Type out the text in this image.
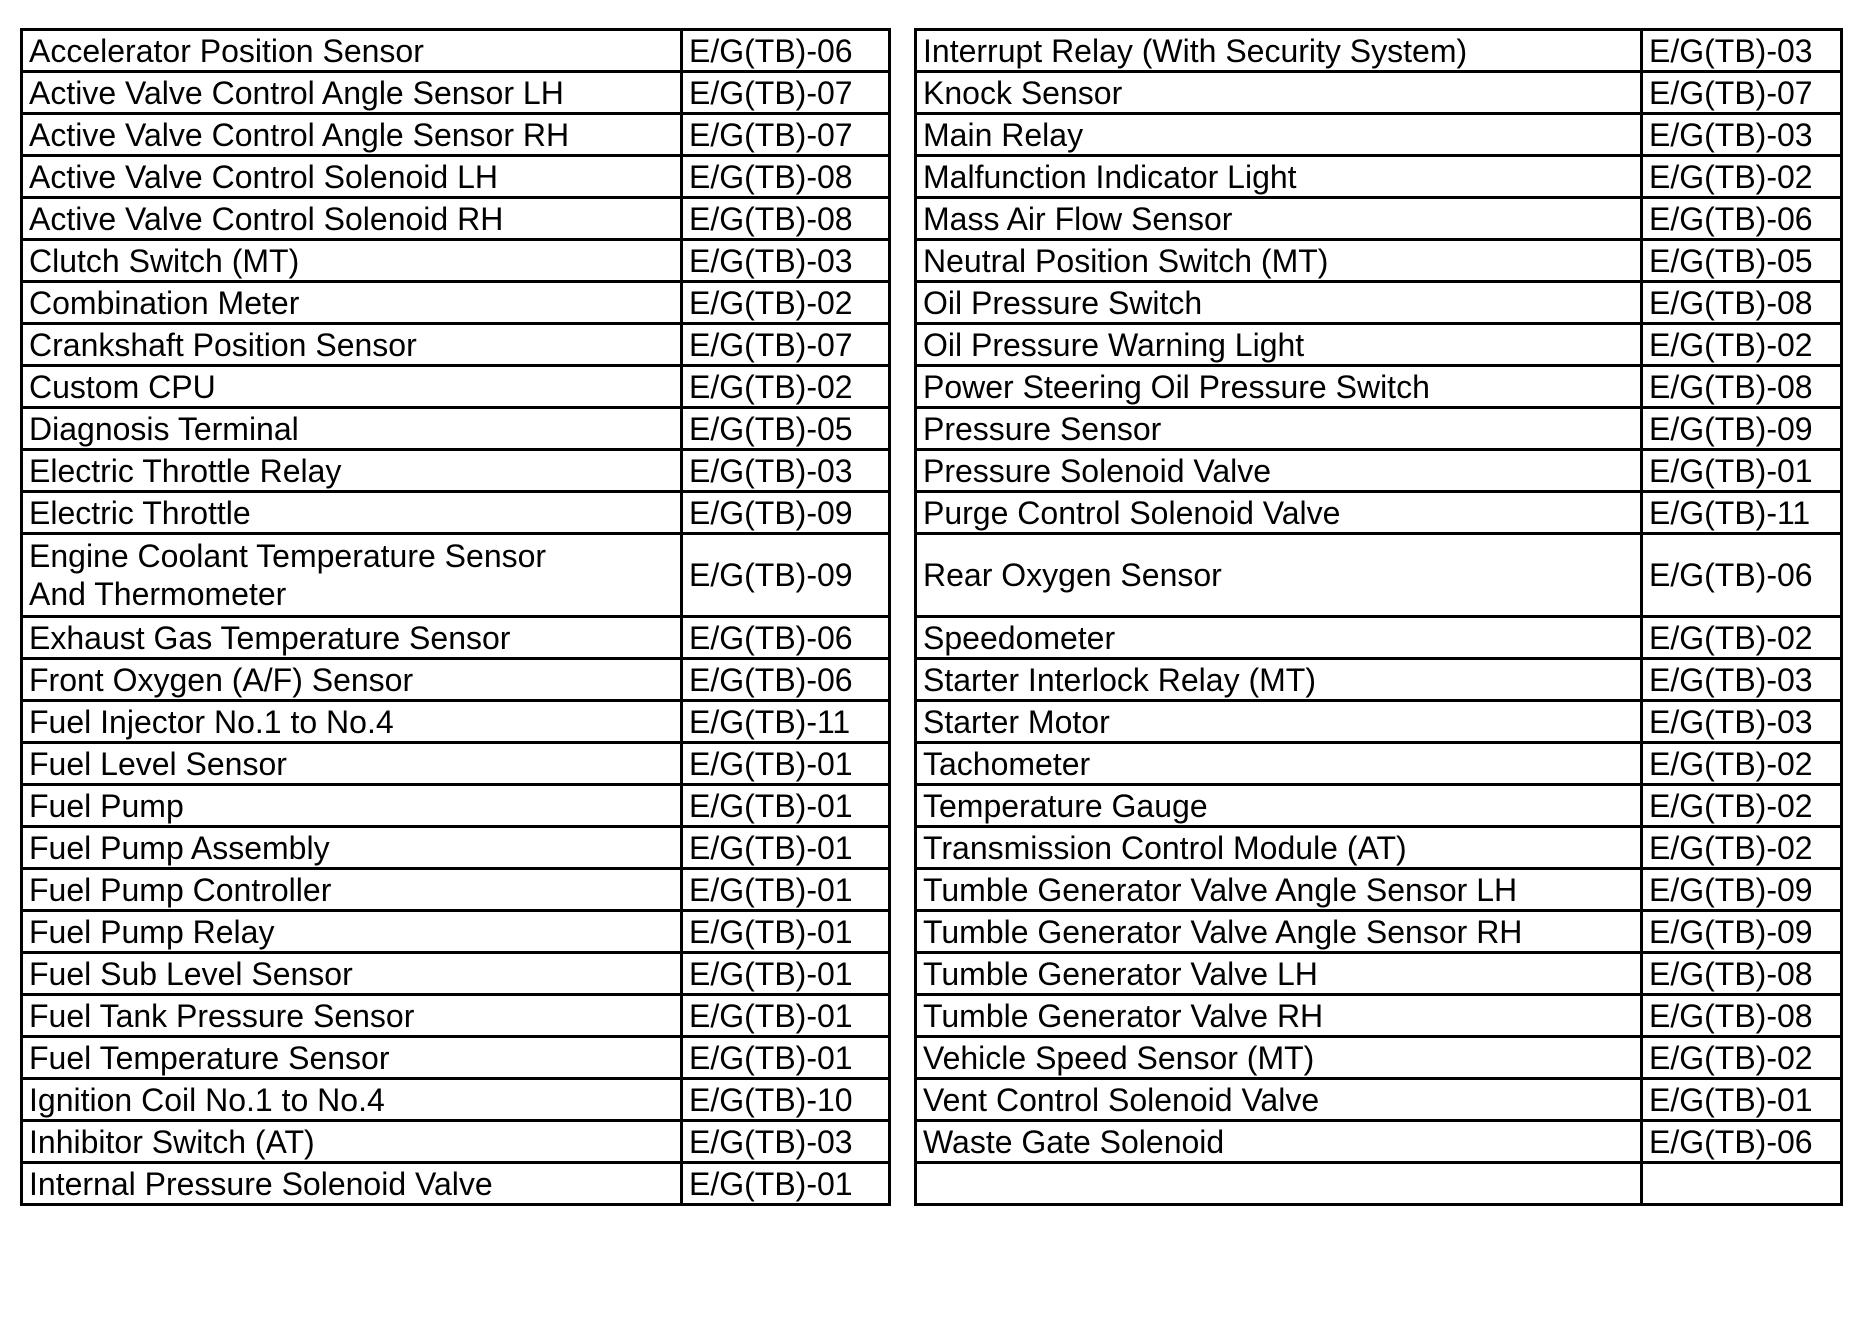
Accelerator Position Sensor	E/G(TB)-06		Interrupt Relay (With Security System)	E/G(TB)-03
Active Valve Control Angle Sensor LH	E/G(TB)-07		Knock Sensor	E/G(TB)-07
Active Valve Control Angle Sensor RH	E/G(TB)-07		Main Relay	E/G(TB)-03
Active Valve Control Solenoid LH	E/G(TB)-08		Malfunction Indicator Light	E/G(TB)-02
Active Valve Control Solenoid RH	E/G(TB)-08		Mass Air Flow Sensor	E/G(TB)-06
Clutch Switch (MT)	E/G(TB)-03		Neutral Position Switch (MT)	E/G(TB)-05
Combination Meter	E/G(TB)-02		Oil Pressure Switch	E/G(TB)-08
Crankshaft Position Sensor	E/G(TB)-07		Oil Pressure Warning Light	E/G(TB)-02
Custom CPU	E/G(TB)-02		Power Steering Oil Pressure Switch	E/G(TB)-08
Diagnosis Terminal	E/G(TB)-05		Pressure Sensor	E/G(TB)-09
Electric Throttle Relay	E/G(TB)-03		Pressure Solenoid Valve	E/G(TB)-01
Electric Throttle	E/G(TB)-09		Purge Control Solenoid Valve	E/G(TB)-11
Engine Coolant Temperature Sensor
And Thermometer	E/G(TB)-09		Rear Oxygen Sensor	E/G(TB)-06
Exhaust Gas Temperature Sensor	E/G(TB)-06		Speedometer	E/G(TB)-02
Front Oxygen (A/F) Sensor	E/G(TB)-06		Starter Interlock Relay (MT)	E/G(TB)-03
Fuel Injector No.1 to No.4	E/G(TB)-11		Starter Motor	E/G(TB)-03
Fuel Level Sensor	E/G(TB)-01		Tachometer	E/G(TB)-02
Fuel Pump	E/G(TB)-01		Temperature Gauge	E/G(TB)-02
Fuel Pump Assembly	E/G(TB)-01		Transmission Control Module (AT)	E/G(TB)-02
Fuel Pump Controller	E/G(TB)-01		Tumble Generator Valve Angle Sensor LH	E/G(TB)-09
Fuel Pump Relay	E/G(TB)-01		Tumble Generator Valve Angle Sensor RH	E/G(TB)-09
Fuel Sub Level Sensor	E/G(TB)-01		Tumble Generator Valve LH	E/G(TB)-08
Fuel Tank Pressure Sensor	E/G(TB)-01		Tumble Generator Valve RH	E/G(TB)-08
Fuel Temperature Sensor	E/G(TB)-01		Vehicle Speed Sensor (MT)	E/G(TB)-02
Ignition Coil No.1 to No.4	E/G(TB)-10		Vent Control Solenoid Valve	E/G(TB)-01
Inhibitor Switch (AT)	E/G(TB)-03		Waste Gate Solenoid	E/G(TB)-06
Internal Pressure Solenoid Valve	E/G(TB)-01			
